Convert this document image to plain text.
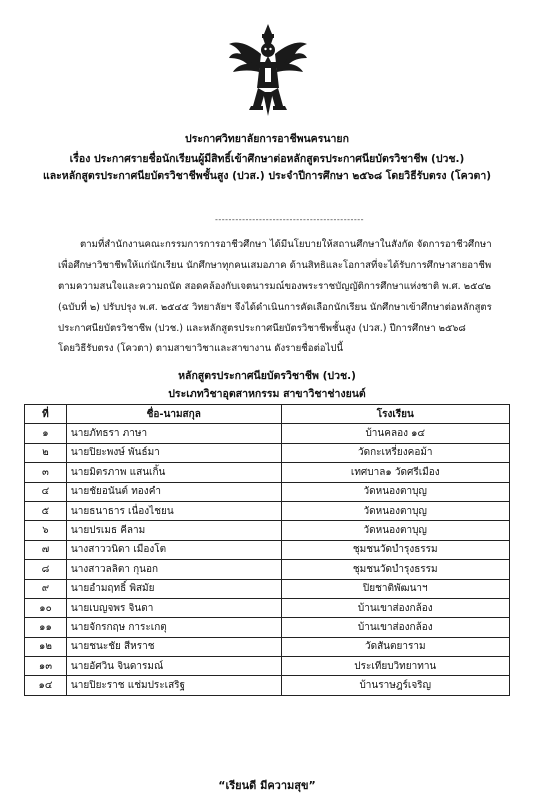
ประกาศวิทยาลัยการอาชีพนครนายก
เรื่อง ประกาศรายชื่อนักเรียนผู้มีสิทธิ์เข้าศึกษาต่อหลักสูตรประกาศนียบัตรวิชาชีพ (ปวช.)
และหลักสูตรประกาศนียบัตรวิชาชีพชั้นสูง (ปวส.) ประจำปีการศึกษา ๒๕๖๘ โดยวิธีรับตรง (โควตา)
--------------------------------------------
ตามที่สำนักงานคณะกรรมการการอาชีวศึกษา ได้มีนโยบายให้สถานศึกษาในสังกัด จัดการอาชีวศึกษา
เพื่อศึกษาวิชาชีพให้แก่นักเรียน นักศึกษาทุกคนเสมอภาค ด้านสิทธิและโอกาสที่จะได้รับการศึกษาสายอาชีพ
ตามความสนใจและความถนัด สอดคล้องกับเจตนารมณ์ของพระราชบัญญัติการศึกษาแห่งชาติ พ.ศ. ๒๕๔๒
(ฉบับที่ ๒) ปรับปรุง พ.ศ. ๒๕๔๕ วิทยาลัยฯ จึงได้ดำเนินการคัดเลือกนักเรียน นักศึกษาเข้าศึกษาต่อหลักสูตร
ประกาศนียบัตรวิชาชีพ (ปวช.) และหลักสูตรประกาศนียบัตรวิชาชีพชั้นสูง (ปวส.) ปีการศึกษา ๒๕๖๘
โดยวิธีรับตรง (โควตา) ตามสาขาวิชาและสาขางาน ดังรายชื่อต่อไปนี้
หลักสูตรประกาศนียบัตรวิชาชีพ (ปวช.)
ประเภทวิชาอุตสาหกรรม สาขาวิชาช่างยนต์
ที่	ชื่อ-นามสกุล	โรงเรียน
๑	นายภัทธรา ภาษา	บ้านคลอง ๑๔
๒	นายปิยะพงษ์ พันธ์มา	วัดกะเหรี่ยงคอม้า
๓	นายมิตรภาพ แสนเกิ้น	เทศบาล๑ วัดศรีเมือง
๔	นายชัยอนันต์ ทองคำ	วัดหนองตาบุญ
๕	นายธนาธาร เนื่องไชยน	วัดหนองตาบุญ
๖	นายปรเมธ คีลาม	วัดหนองตาบุญ
๗	นางสาววนิดา เมืองโต	ชุมชนวัดบำรุงธรรม
๘	นางสาวลลิตา กุนอก	ชุมชนวัดบำรุงธรรม
๙	นายอำมฤทธิ์ พิสมัย	ปิยชาติพัฒนาฯ
๑๐	นายเบญจพร จินดา	บ้านเขาส่องกล้อง
๑๑	นายจักรกฤษ การะเกตุ	บ้านเขาส่องกล้อง
๑๒	นายชนะชัย สีหราช	วัดสันตยาราม
๑๓	นายอัศวิน จินดารมณ์	ประเทียบวิทยาทาน
๑๔	นายปิยะราช แช่มประเสริฐ	บ้านราษฎร์เจริญ
“เรียนดี มีความสุข”
